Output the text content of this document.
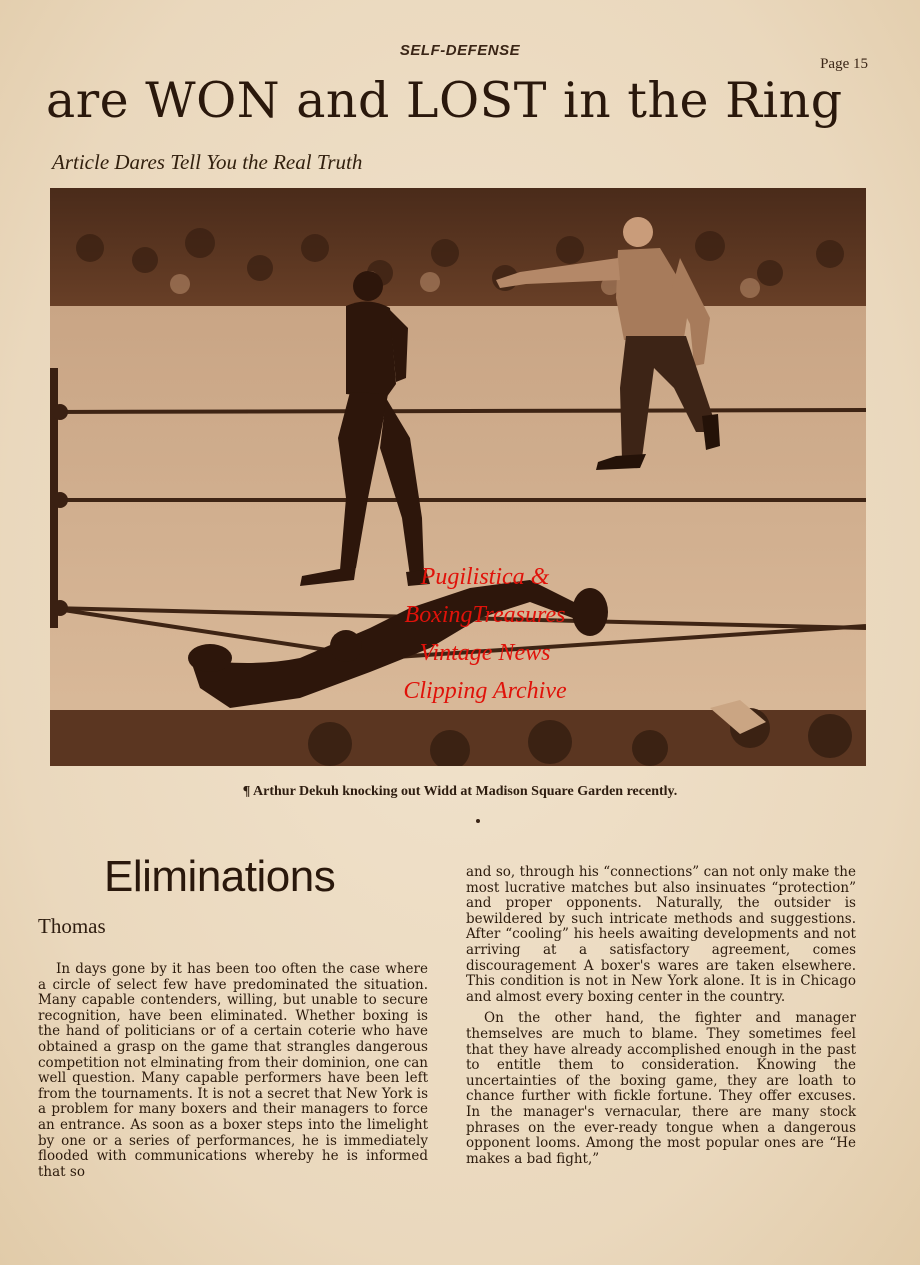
SELF-DEFENSE
Page 15
are WON and LOST in the Ring
Article Dares Tell You the Real Truth
Pugilistica &
BoxingTreasures
Vintage News
Clipping Archive
¶ Arthur Dekuh knocking out Widd at Madison Square Garden recently.
Eliminations
Thomas

In days gone by it has been too often the case where a circle of select few have predominated the situation. Many capable contenders, willing, but unable to secure recognition, have been eliminated. Whether boxing is the hand of politicians or of a certain coterie who have obtained a grasp on the game that strangles dangerous competition not elminating from their dominion, one can well question. Many capable performers have been left from the tournaments. It is not a secret that New York is a problem for many boxers and their managers to force an entrance. As soon as a boxer steps into the limelight by one or a series of performances, he is immediately flooded with communications whereby he is informed that so

and so, through his “connections” can not only make the most lucrative matches but also insinuates “protection” and proper opponents. Naturally, the outsider is bewildered by such intricate methods and suggestions. After “cooling” his heels awaiting developments and not arriving at a satisfactory agreement, comes discouragement A boxer's wares are taken elsewhere. This condition is not in New York alone. It is in Chicago and almost every boxing center in the country.

On the other hand, the fighter and manager themselves are much to blame. They sometimes feel that they have already accomplished enough in the past to entitle them to consideration. Knowing the uncertainties of the boxing game, they are loath to chance further with fickle fortune. They offer excuses. In the manager's vernacular, there are many stock phrases on the ever-ready tongue when a dangerous opponent looms. Among the most popular ones are “He makes a bad fight,”
